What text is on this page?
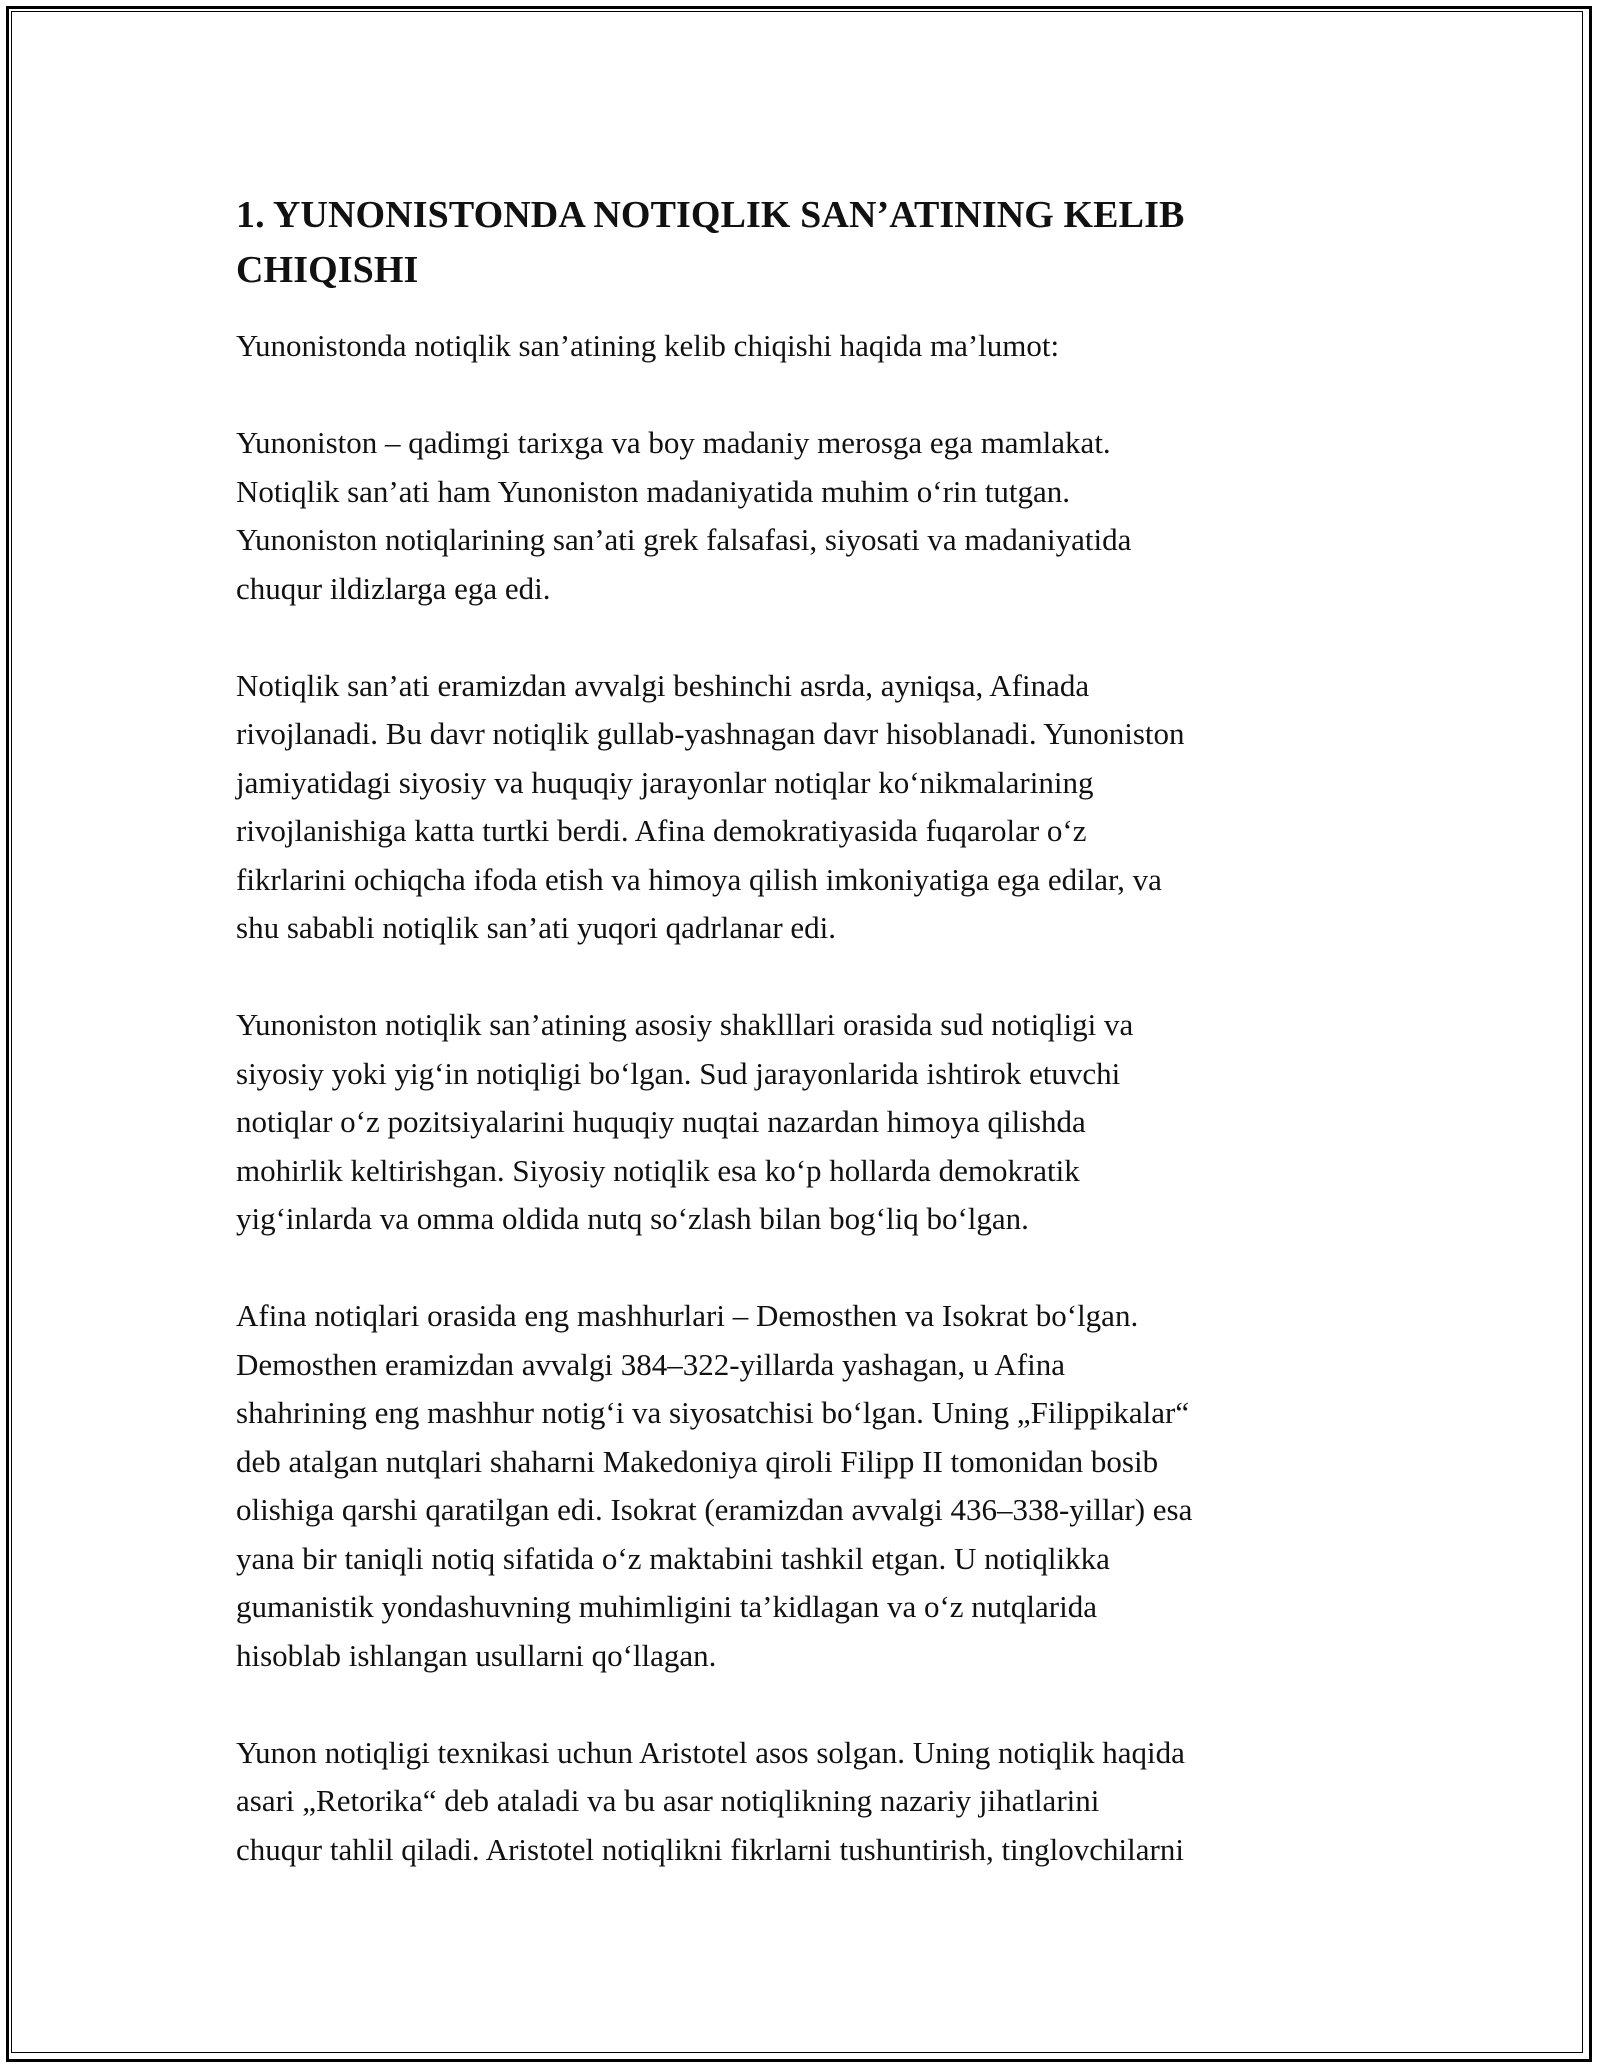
1. YUNONISTONDA NOTIQLIK SAN’ATINING KELIB
CHIQISHI

Yunonistonda notiqlik san’atining kelib chiqishi haqida ma’lumot:

Yunoniston – qadimgi tarixga va boy madaniy merosga ega mamlakat.
Notiqlik san’ati ham Yunoniston madaniyatida muhim o‘rin tutgan.
Yunoniston notiqlarining san’ati grek falsafasi, siyosati va madaniyatida
chuqur ildizlarga ega edi.

Notiqlik san’ati eramizdan avvalgi beshinchi asrda, ayniqsa, Afinada
rivojlanadi. Bu davr notiqlik gullab-yashnagan davr hisoblanadi. Yunoniston
jamiyatidagi siyosiy va huquqiy jarayonlar notiqlar ko‘nikmalarining
rivojlanishiga katta turtki berdi. Afina demokratiyasida fuqarolar o‘z
fikrlarini ochiqcha ifoda etish va himoya qilish imkoniyatiga ega edilar, va
shu sababli notiqlik san’ati yuqori qadrlanar edi.

Yunoniston notiqlik san’atining asosiy shaklllari orasida sud notiqligi va
siyosiy yoki yig‘in notiqligi bo‘lgan. Sud jarayonlarida ishtirok etuvchi
notiqlar o‘z pozitsiyalarini huquqiy nuqtai nazardan himoya qilishda
mohirlik keltirishgan. Siyosiy notiqlik esa ko‘p hollarda demokratik
yig‘inlarda va omma oldida nutq so‘zlash bilan bog‘liq bo‘lgan.

Afina notiqlari orasida eng mashhurlari – Demosthen va Isokrat bo‘lgan.
Demosthen eramizdan avvalgi 384–322-yillarda yashagan, u Afina
shahrining eng mashhur notig‘i va siyosatchisi bo‘lgan. Uning „Filippikalar“
deb atalgan nutqlari shaharni Makedoniya qiroli Filipp II tomonidan bosib
olishiga qarshi qaratilgan edi. Isokrat (eramizdan avvalgi 436–338-yillar) esa
yana bir taniqli notiq sifatida o‘z maktabini tashkil etgan. U notiqlikka
gumanistik yondashuvning muhimligini ta’kidlagan va o‘z nutqlarida
hisoblab ishlangan usullarni qo‘llagan.

Yunon notiqligi texnikasi uchun Aristotel asos solgan. Uning notiqlik haqida
asari „Retorika“ deb ataladi va bu asar notiqlikning nazariy jihatlarini
chuqur tahlil qiladi. Aristotel notiqlikni fikrlarni tushuntirish, tinglovchilarni
